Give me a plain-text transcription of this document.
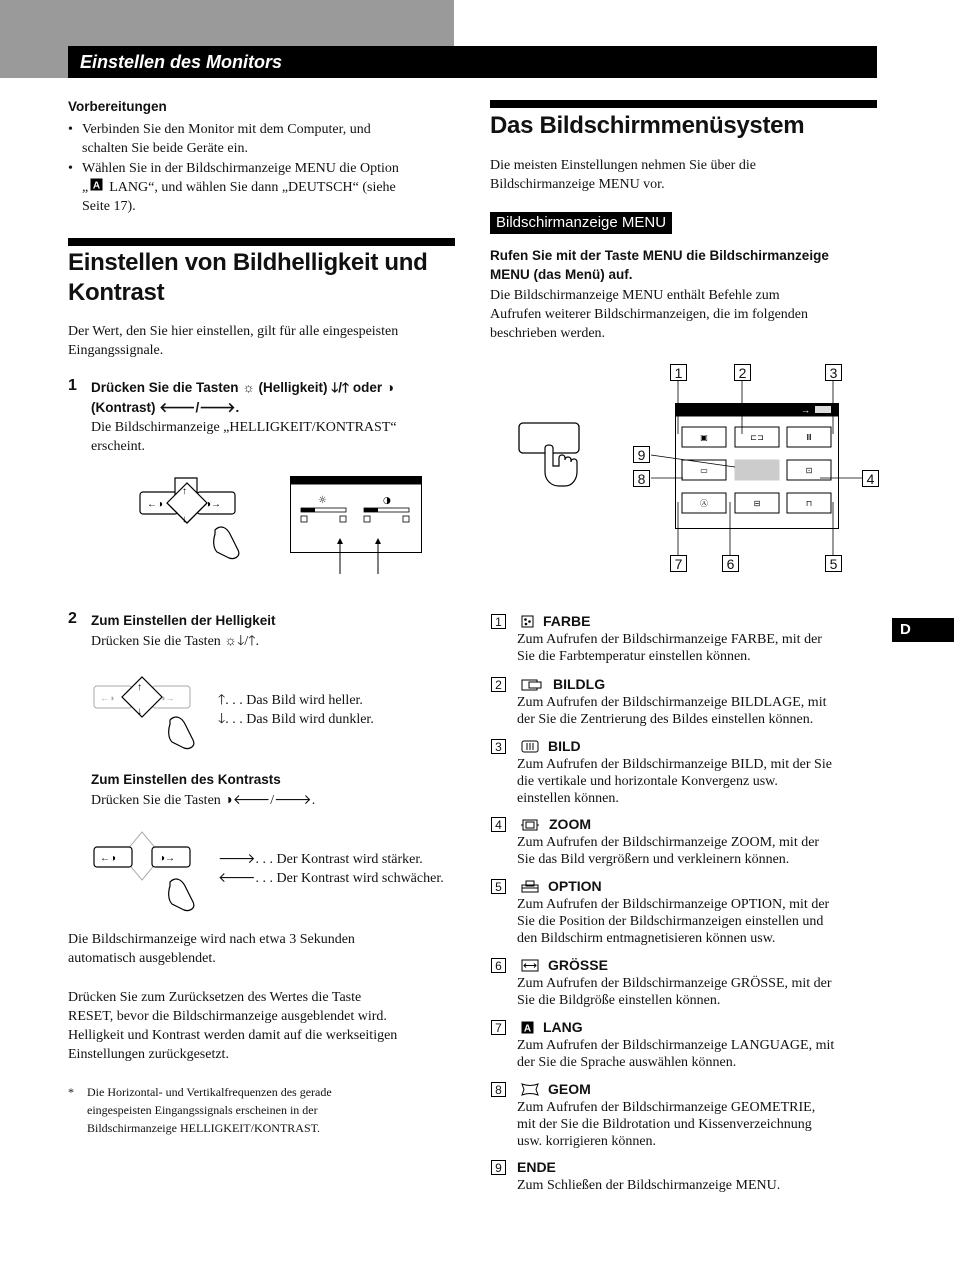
Einstellen des Monitors
D
Vorbereitungen
• Verbinden Sie den Monitor mit dem Computer, und
schalten Sie beide Geräte ein.
• Wählen Sie in der Bildschirmanzeige MENU die Option
„ A LANG“, und wählen Sie dann „DEUTSCH“ (siehe
Seite 17).
Einstellen von Bildhelligkeit und
Kontrast
Der Wert, den Sie hier einstellen, gilt für alle eingespeisten
Eingangssignale.
1 Drücken Sie die Tasten ☼ (Helligkeit) 🡓/🡑 oder ◑
(Kontrast) 🡐/🡒.
Die Bildschirmanzeige „HELLIGKEIT/KONTRAST“
erscheint.
←◑	◑→
↑
↓
☼	◑
2 Zum Einstellen der Helligkeit
Drücken Sie die Tasten ☼🡓/🡑.
↑
↓
←◑	◑→	🡑. . . Das Bild wird heller.
🡓. . . Das Bild wird dunkler.
Zum Einstellen des Kontrasts
Drücken Sie die Tasten ◑🡐/🡒.
←◑	◑→	🡒. . . Der Kontrast wird stärker.
🡐. . . Der Kontrast wird schwächer.
Die Bildschirmanzeige wird nach etwa 3 Sekunden
automatisch ausgeblendet.
Drücken Sie zum Zurücksetzen des Wertes die Taste
RESET, bevor die Bildschirmanzeige ausgeblendet wird.
Helligkeit und Kontrast werden damit auf die werkseitigen
Einstellungen zurückgesetzt.
* Die Horizontal- und Vertikalfrequenzen des gerade
eingespeisten Eingangssignals erscheinen in der
Bildschirmanzeige HELLIGKEIT/KONTRAST.
Das Bildschirmmenüsystem
Die meisten Einstellungen nehmen Sie über die
Bildschirmanzeige MENU vor.
Bildschirmanzeige MENU
Rufen Sie mit der Taste MENU die Bildschirmanzeige
MENU (das Menü) auf.
Die Bildschirmanzeige MENU enthält Befehle zum
Aufrufen weiterer Bildschirmanzeigen, die im folgenden
beschrieben werden.
→
▣	⊏⊐	Ⅲ
▭	⊡
Ⓐ	⊟	⊓
1	2	3
4
5
6
7
8
9
1	FARBE
Zum Aufrufen der Bildschirmanzeige FARBE, mit der
Sie die Farbtemperatur einstellen können.
2	BILDLG
Zum Aufrufen der Bildschirmanzeige BILDLAGE, mit
der Sie die Zentrierung des Bildes einstellen können.
3	BILD
Zum Aufrufen der Bildschirmanzeige BILD, mit der Sie
die vertikale und horizontale Konvergenz usw.
einstellen können.
4	ZOOM
Zum Aufrufen der Bildschirmanzeige ZOOM, mit der
Sie das Bild vergrößern und verkleinern können.
5	OPTION
Zum Aufrufen der Bildschirmanzeige OPTION, mit der
Sie die Position der Bildschirmanzeigen einstellen und
den Bildschirm entmagnetisieren können usw.
6	GRÖSSE
Zum Aufrufen der Bildschirmanzeige GRÖSSE, mit der
Sie die Bildgröße einstellen können.
7	A LANG
Zum Aufrufen der Bildschirmanzeige LANGUAGE, mit
der Sie die Sprache auswählen können.
8	GEOM
Zum Aufrufen der Bildschirmanzeige GEOMETRIE,
mit der Sie die Bildrotation und Kissenverzeichnung
usw. korrigieren können.
9 ENDE
Zum Schließen der Bildschirmanzeige MENU.
